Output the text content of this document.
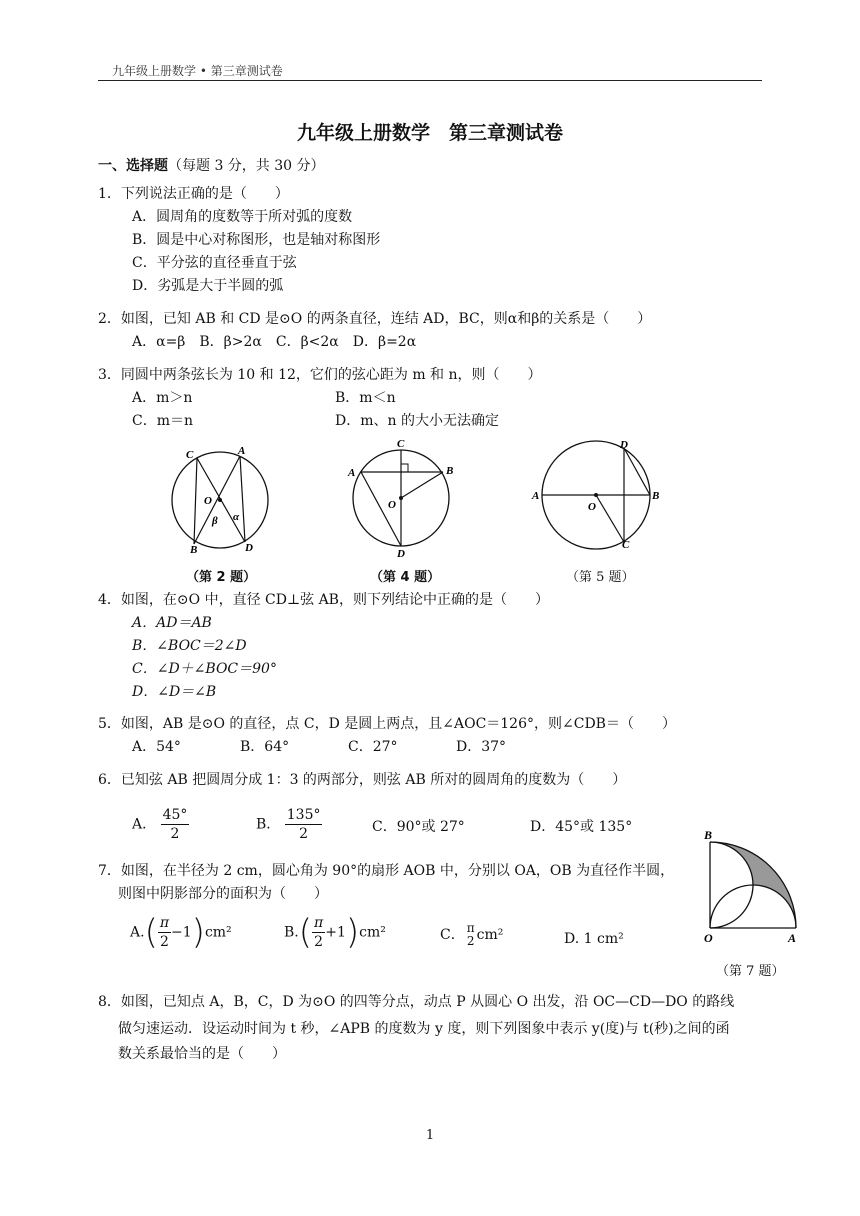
九年级上册数学 • 第三章测试卷
九年级上册数学　第三章测试卷
一、选择题（每题 3 分，共 30 分）
1．下列说法正确的是（　　）
A．圆周角的度数等于所对弧的度数
B．圆是中心对称图形，也是轴对称图形
C．平分弦的直径垂直于弦
D．劣弧是大于半圆的弧
2．如图，已知 AB 和 CD 是⊙O 的两条直径，连结 AD，BC，则α和β的关系是（　　）
A．α=β　B．β>2α　C．β<2α　D．β=2α
3．同圆中两条弦长为 10 和 12，它们的弦心距为 m 和 n，则（　　）
A．m＞n	B．m＜n
C．m＝n	D．m、n 的大小无法确定
C	A
O
β α
B	D
（第 2 题）
C
A	B
O
D
（第 4 题）
D
A	B
O
C
（第 5 题）
4．如图，在⊙O 中，直径 CD⊥弦 AB，则下列结论中正确的是（　　）
A．AD＝AB
B．∠BOC＝2∠D
C．∠D＋∠BOC＝90°
D．∠D＝∠B
5．如图，AB 是⊙O 的直径，点 C，D 是圆上两点，且∠AOC＝126°，则∠CDB＝（　　）
A．54°	B．64°	C．27°	D．37°
6．已知弦 AB 把圆周分成 1：3 的两部分，则弦 AB 所对的圆周角的度数为（　　）
A． $\frac{45^\circ}{2}$	B． $\frac{135^\circ}{2}$	C．90°或 27°	D．45°或 135°
7．如图，在半径为 2 cm，圆心角为 90°的扇形 AOB 中，分别以 OA，OB 为直径作半圆，
则图中阴影部分的面积为（　　）
$A.( \frac{\pi}{2} -1)cm^2$	$B.( \frac{\pi}{2} +1)cm^2$	C． π
2 cm²	D. 1 cm²
B
O	A
（第 7 题）
8．如图，已知点 A，B，C，D 为⊙O 的四等分点，动点 P 从圆心 O 出发，沿 OC—CD—DO 的路线
做匀速运动．设运动时间为 t 秒，∠APB 的度数为 y 度，则下列图象中表示 y(度)与 t(秒)之间的函
数关系最恰当的是（　　）
1
